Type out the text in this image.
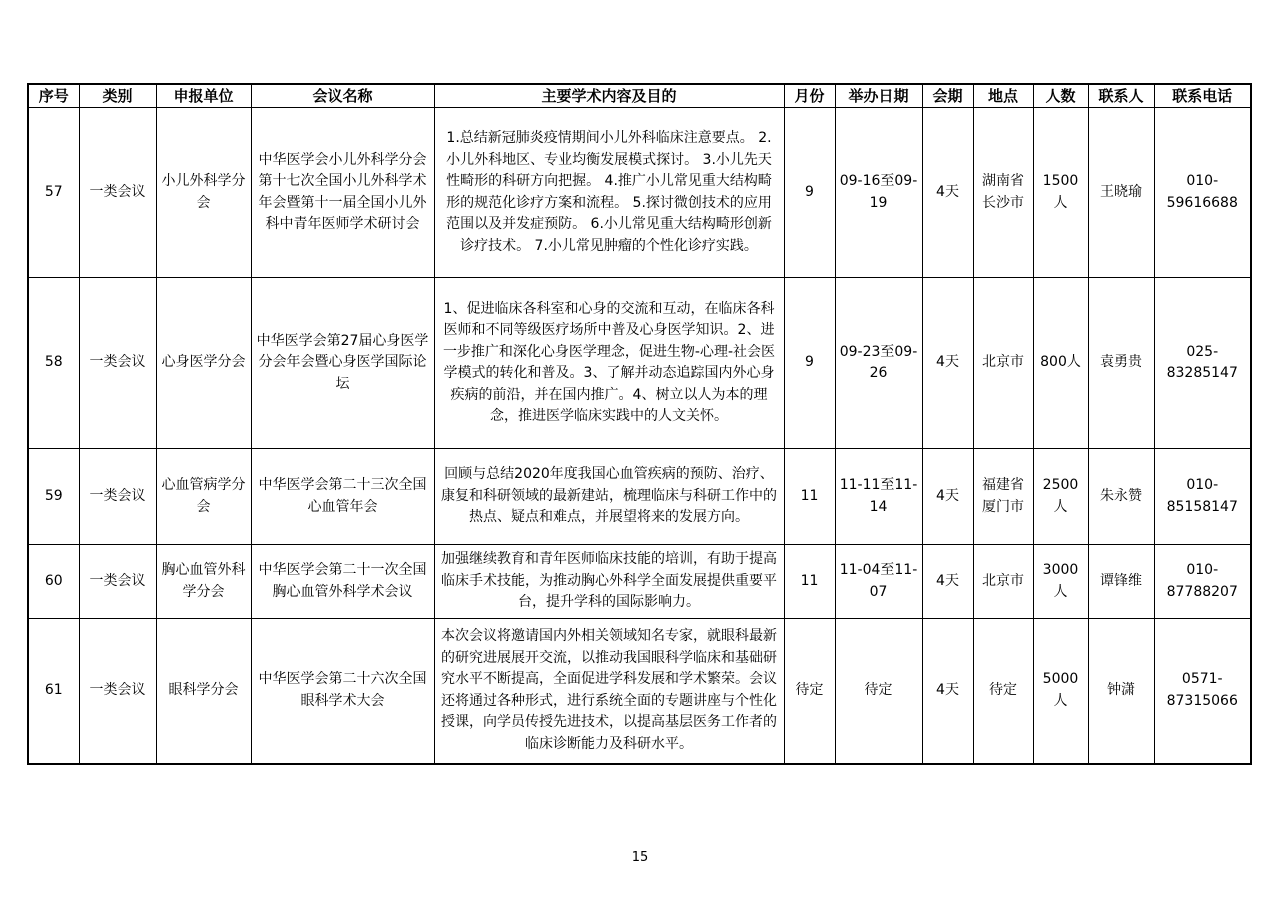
序号	类别	申报单位	会议名称	主要学术内容及目的	月份	举办日期	会期	地点	人数	联系人	联系电话
57	一类会议	小儿外科学分会	中华医学会小儿外科学分会第十七次全国小儿外科学术年会暨第十一届全国小儿外科中青年医师学术研讨会	1.总结新冠肺炎疫情期间小儿外科临床注意要点。 2.小儿外科地区、专业均衡发展模式探讨。 3.小儿先天性畸形的科研方向把握。 4.推广小儿常见重大结构畸形的规范化诊疗方案和流程。 5.探讨微创技术的应用范围以及并发症预防。 6.小儿常见重大结构畸形创新诊疗技术。 7.小儿常见肿瘤的个性化诊疗实践。	9	09-16至09-19	4天	湖南省长沙市	1500人	王晓瑜	010-59616688
58	一类会议	心身医学分会	中华医学会第27届心身医学分会年会暨心身医学国际论坛	1、促进临床各科室和心身的交流和互动，在临床各科医师和不同等级医疗场所中普及心身医学知识。2、进一步推广和深化心身医学理念，促进生物-心理-社会医学模式的转化和普及。3、了解并动态追踪国内外心身疾病的前沿，并在国内推广。4、树立以人为本的理念，推进医学临床实践中的人文关怀。	9	09-23至09-26	4天	北京市	800人	袁勇贵	025-83285147
59	一类会议	心血管病学分会	中华医学会第二十三次全国心血管年会	回顾与总结2020年度我国心血管疾病的预防、治疗、康复和科研领域的最新建站，梳理临床与科研工作中的热点、疑点和难点，并展望将来的发展方向。	11	11-11至11-14	4天	福建省厦门市	2500人	朱永赞	010-85158147
60	一类会议	胸心血管外科学分会	中华医学会第二十一次全国胸心血管外科学术会议	加强继续教育和青年医师临床技能的培训，有助于提高临床手术技能，为推动胸心外科学全面发展提供重要平台，提升学科的国际影响力。	11	11-04至11-07	4天	北京市	3000人	谭锋维	010-87788207
61	一类会议	眼科学分会	中华医学会第二十六次全国眼科学术大会	本次会议将邀请国内外相关领域知名专家，就眼科最新的研究进展展开交流，以推动我国眼科学临床和基础研究水平不断提高，全面促进学科发展和学术繁荣。会议还将通过各种形式，进行系统全面的专题讲座与个性化授课，向学员传授先进技术，以提高基层医务工作者的临床诊断能力及科研水平。	待定	待定	4天	待定	5000人	钟潇	0571-87315066
15
